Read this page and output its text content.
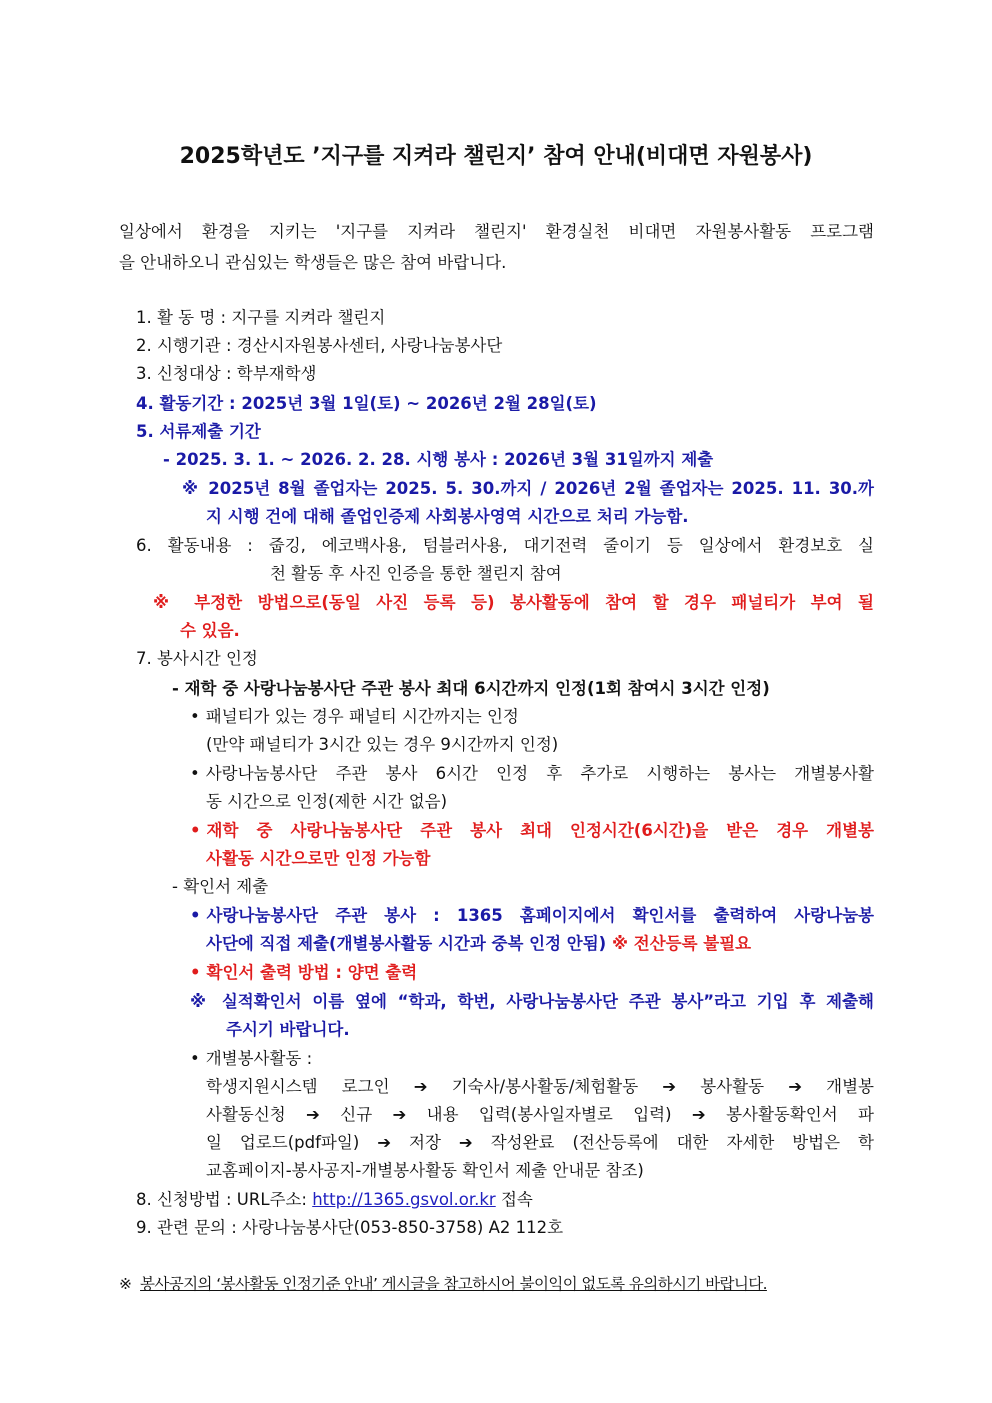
2025학년도 ’지구를 지켜라 챌린지’ 참여 안내(비대면 자원봉사)
일상에서 환경을 지키는 '지구를 지켜라 챌린지' 환경실천 비대면 자원봉사활동 프로그램
을 안내하오니 관심있는 학생들은 많은 참여 바랍니다.
1. 활 동 명 : 지구를 지켜라 챌린지
2. 시행기관 : 경산시자원봉사센터, 사랑나눔봉사단
3. 신청대상 : 학부재학생
4. 활동기간 : 2025년 3월 1일(토) ~ 2026년 2월 28일(토)
5. 서류제출 기간
- 2025. 3. 1. ~ 2026. 2. 28. 시행 봉사 : 2026년 3월 31일까지 제출
※ 2025년 8월 졸업자는 2025. 5. 30.까지 / 2026년 2월 졸업자는 2025. 11. 30.까
지 시행 건에 대해 졸업인증제 사회봉사영역 시간으로 처리 가능함.
6. 활동내용 : 줍깅, 에코백사용, 텀블러사용, 대기전력 줄이기 등 일상에서 환경보호 실
천 활동 후 사진 인증을 통한 챌린지 참여
※ 부정한 방법으로(동일 사진 등록 등) 봉사활동에 참여 할 경우 패널티가 부여 될
수 있음.
7. 봉사시간 인정
- 재학 중 사랑나눔봉사단 주관 봉사 최대 6시간까지 인정(1회 참여시 3시간 인정)
• 패널티가 있는 경우 패널티 시간까지는 인정
(만약 패널티가 3시간 있는 경우 9시간까지 인정)
• 사랑나눔봉사단 주관 봉사 6시간 인정 후 추가로 시행하는 봉사는 개별봉사활
동 시간으로 인정(제한 시간 없음)
• 재학 중 사랑나눔봉사단 주관 봉사 최대 인정시간(6시간)을 받은 경우 개별봉
사활동 시간으로만 인정 가능함
- 확인서 제출
• 사랑나눔봉사단 주관 봉사 : 1365 홈페이지에서 확인서를 출력하여 사랑나눔봉
사단에 직접 제출(개별봉사활동 시간과 중복 인정 안됨) ※ 전산등록 불필요
• 확인서 출력 방법 : 양면 출력
※ 실적확인서 이름 옆에 “학과, 학번, 사랑나눔봉사단 주관 봉사”라고 기입 후 제출해
주시기 바랍니다.
• 개별봉사활동 :
학생지원시스템 로그인 ➔ 기숙사/봉사활동/체험활동 ➔ 봉사활동 ➔ 개별봉
사활동신청 ➔ 신규 ➔ 내용 입력(봉사일자별로 입력) ➔ 봉사활동확인서 파
일 업로드(pdf파일) ➔ 저장 ➔ 작성완료 (전산등록에 대한 자세한 방법은 학
교홈페이지-봉사공지-개별봉사활동 확인서 제출 안내문 참조)
8. 신청방법 : URL주소: http://1365.gsvol.or.kr 접속
9. 관련 문의 : 사랑나눔봉사단(053-850-3758) A2 112호
※ 봉사공지의 ‘봉사활동 인정기준 안내’ 게시글을 참고하시어 불이익이 없도록 유의하시기 바랍니다.
